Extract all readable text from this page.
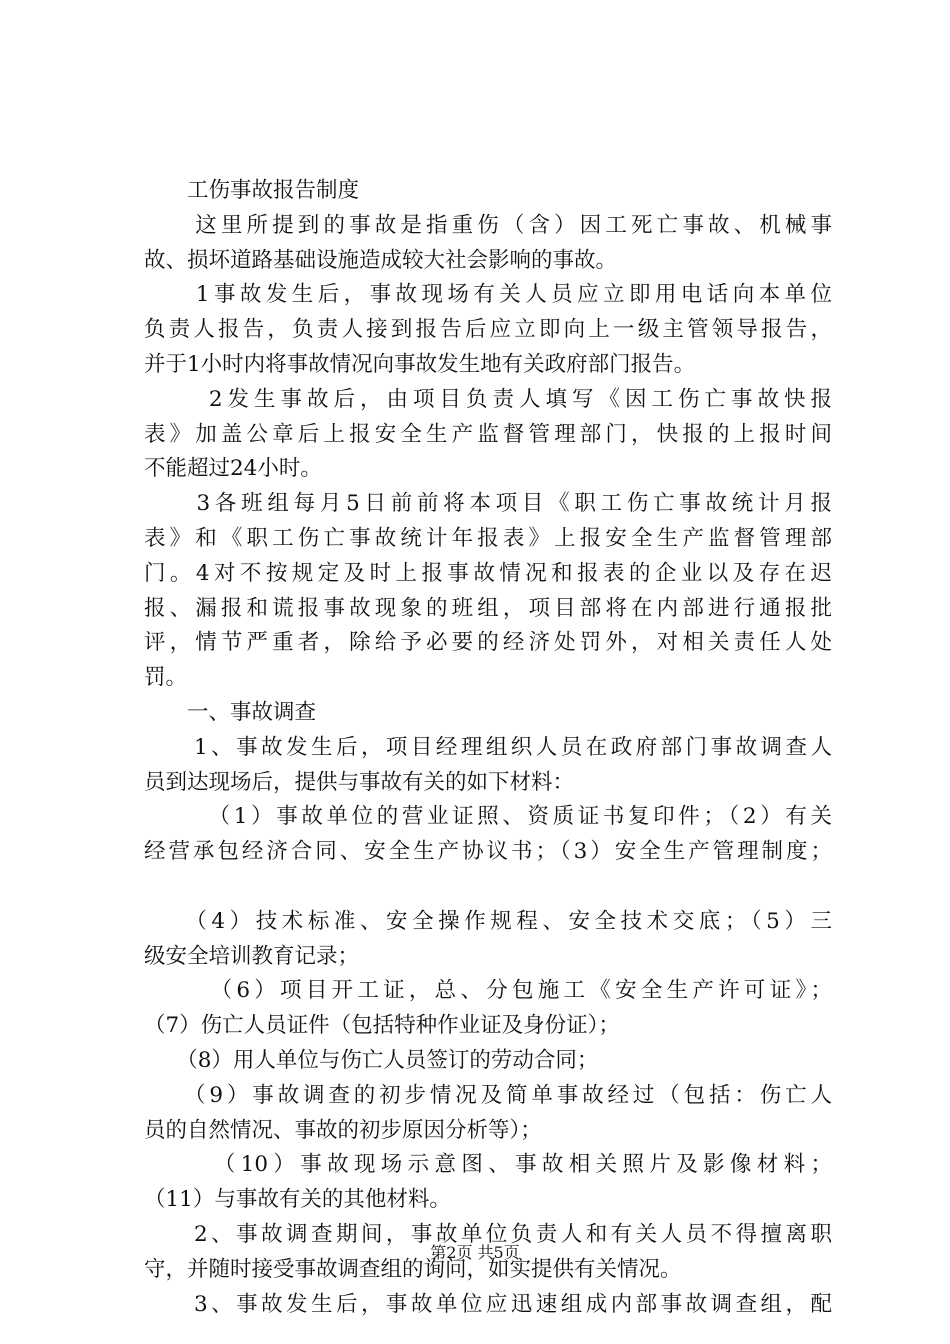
　　工伤事故报告制度
　　这里所提到的事故是指重伤（含）因工死亡事故、机械事
故、损坏道路基础设施造成较大社会影响的事故。
　　1事故发生后，事故现场有关人员应立即用电话向本单位
负责人报告，负责人接到报告后应立即向上一级主管领导报告，
并于1小时内将事故情况向事故发生地有关政府部门报告。
　　 2发生事故后，由项目负责人填写《因工伤亡事故快报
表》加盖公章后上报安全生产监督管理部门，快报的上报时间
不能超过24小时。
　　3各班组每月5日前前将本项目《职工伤亡事故统计月报
表》和《职工伤亡事故统计年报表》上报安全生产监督管理部
门。4对不按规定及时上报事故情况和报表的企业以及存在迟
报、漏报和谎报事故现象的班组，项目部将在内部进行通报批
评，情节严重者，除给予必要的经济处罚外，对相关责任人处
罚。
　　一、事故调查
　　1、事故发生后，项目经理组织人员在政府部门事故调查人
员到达现场后，提供与事故有关的如下材料：
　　　（1）事故单位的营业证照、资质证书复印件；（2）有关
经营承包经济合同、安全生产协议书；（3）安全生产管理制度；
　　（4）技术标准、安全操作规程、安全技术交底；（5）三
级安全培训教育记录；
　　　（6）项目开工证，总、分包施工《安全生产许可证》；
（7）伤亡人员证件（包括特种作业证及身份证）；
　　（8）用人单位与伤亡人员签订的劳动合同；
　　（9）事故调查的初步情况及简单事故经过（包括：伤亡人
员的自然情况、事故的初步原因分析等）；
　　　（10）事故现场示意图、事故相关照片及影像材料；
（11）与事故有关的其他材料。
　　2、事故调查期间，事故单位负责人和有关人员不得擅离职
守，并随时接受事故调查组的询问，如实提供有关情况。
　　3、事故发生后，事故单位应迅速组成内部事故调查组，配
第2页 共5页
